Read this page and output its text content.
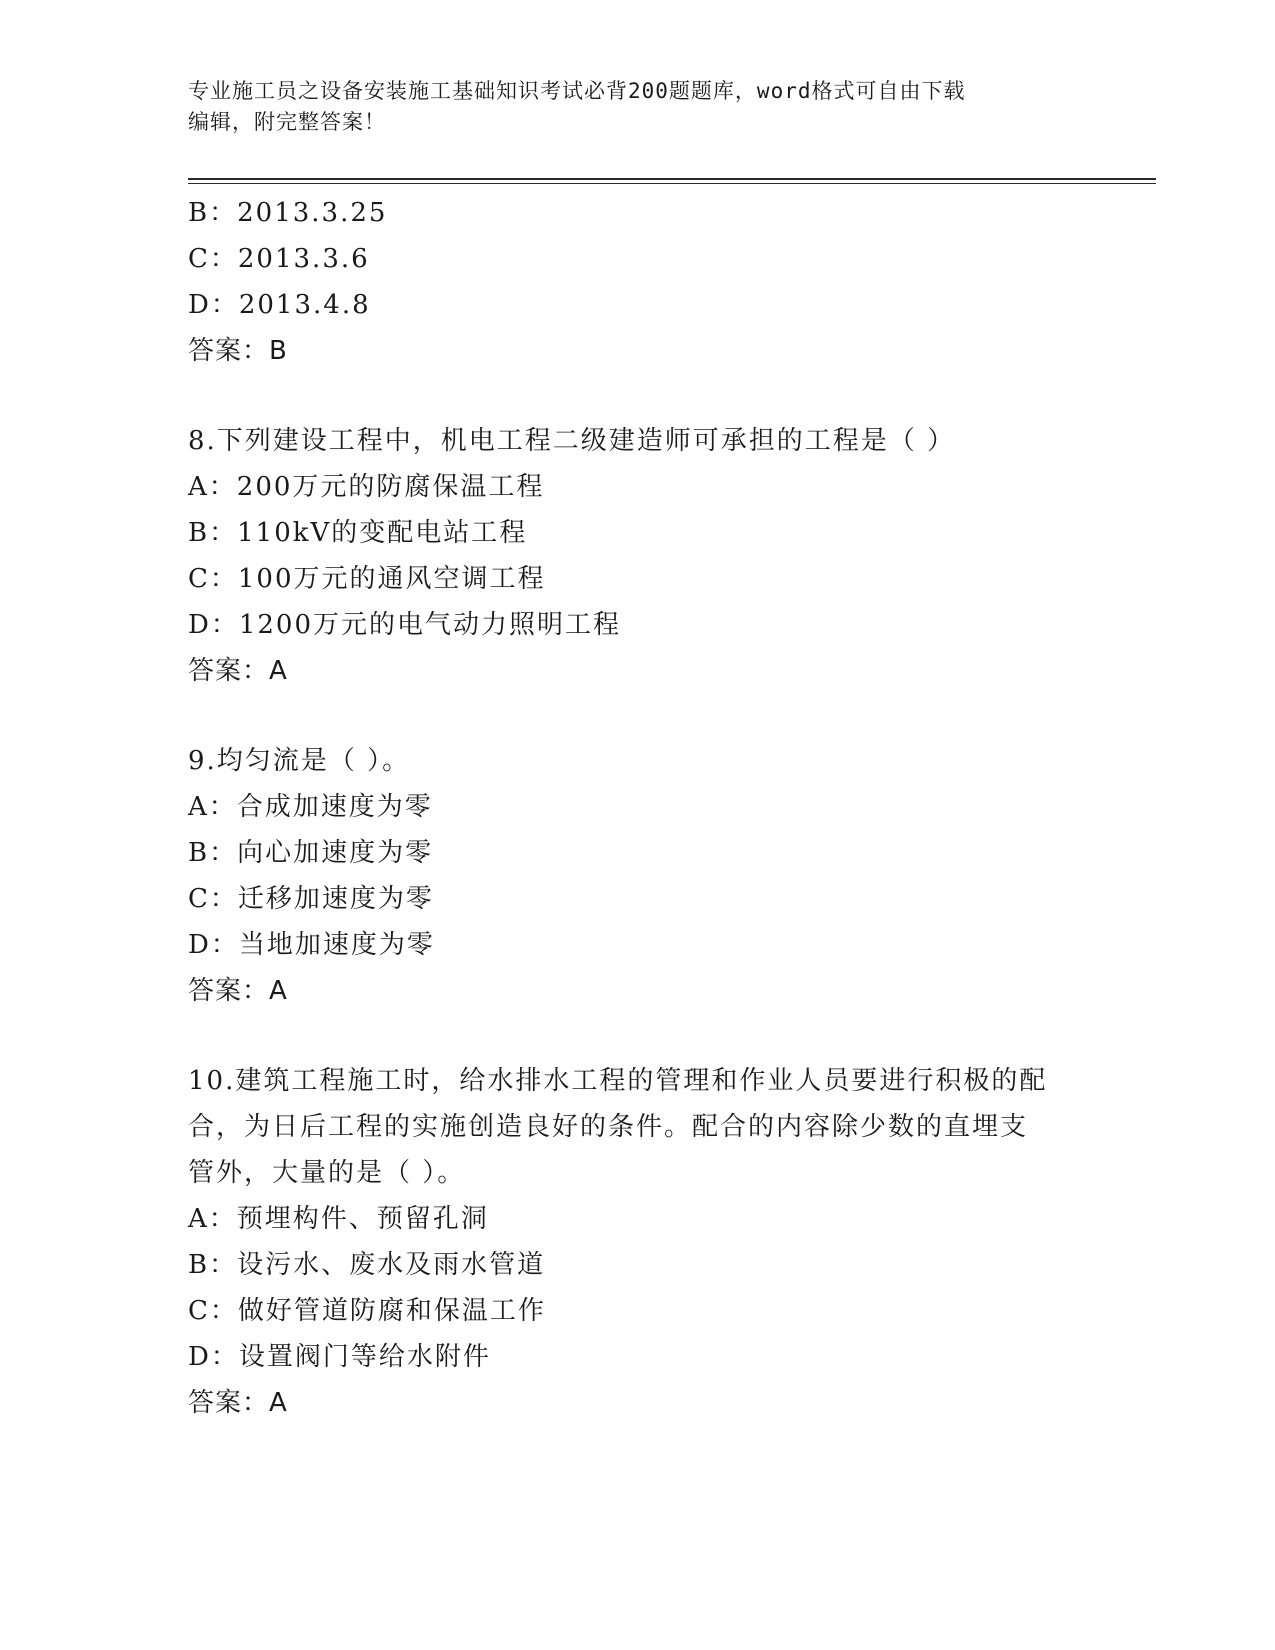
专业施工员之设备安装施工基础知识考试必背200题题库，word格式可自由下载
编辑，附完整答案！
B：2013.3.25
C：2013.3.6
D：2013.4.8
答案：B
8.下列建设工程中，机电工程二级建造师可承担的工程是（ ）
A：200万元的防腐保温工程
B：110kV的变配电站工程
C：100万元的通风空调工程
D：1200万元的电气动力照明工程
答案：A
9.均匀流是（ ）。
A：合成加速度为零
B：向心加速度为零
C：迁移加速度为零
D：当地加速度为零
答案：A
10.建筑工程施工时，给水排水工程的管理和作业人员要进行积极的配
合，为日后工程的实施创造良好的条件。配合的内容除少数的直埋支
管外，大量的是（ ）。
A：预埋构件、预留孔洞
B：设污水、废水及雨水管道
C：做好管道防腐和保温工作
D：设置阀门等给水附件
答案：A
